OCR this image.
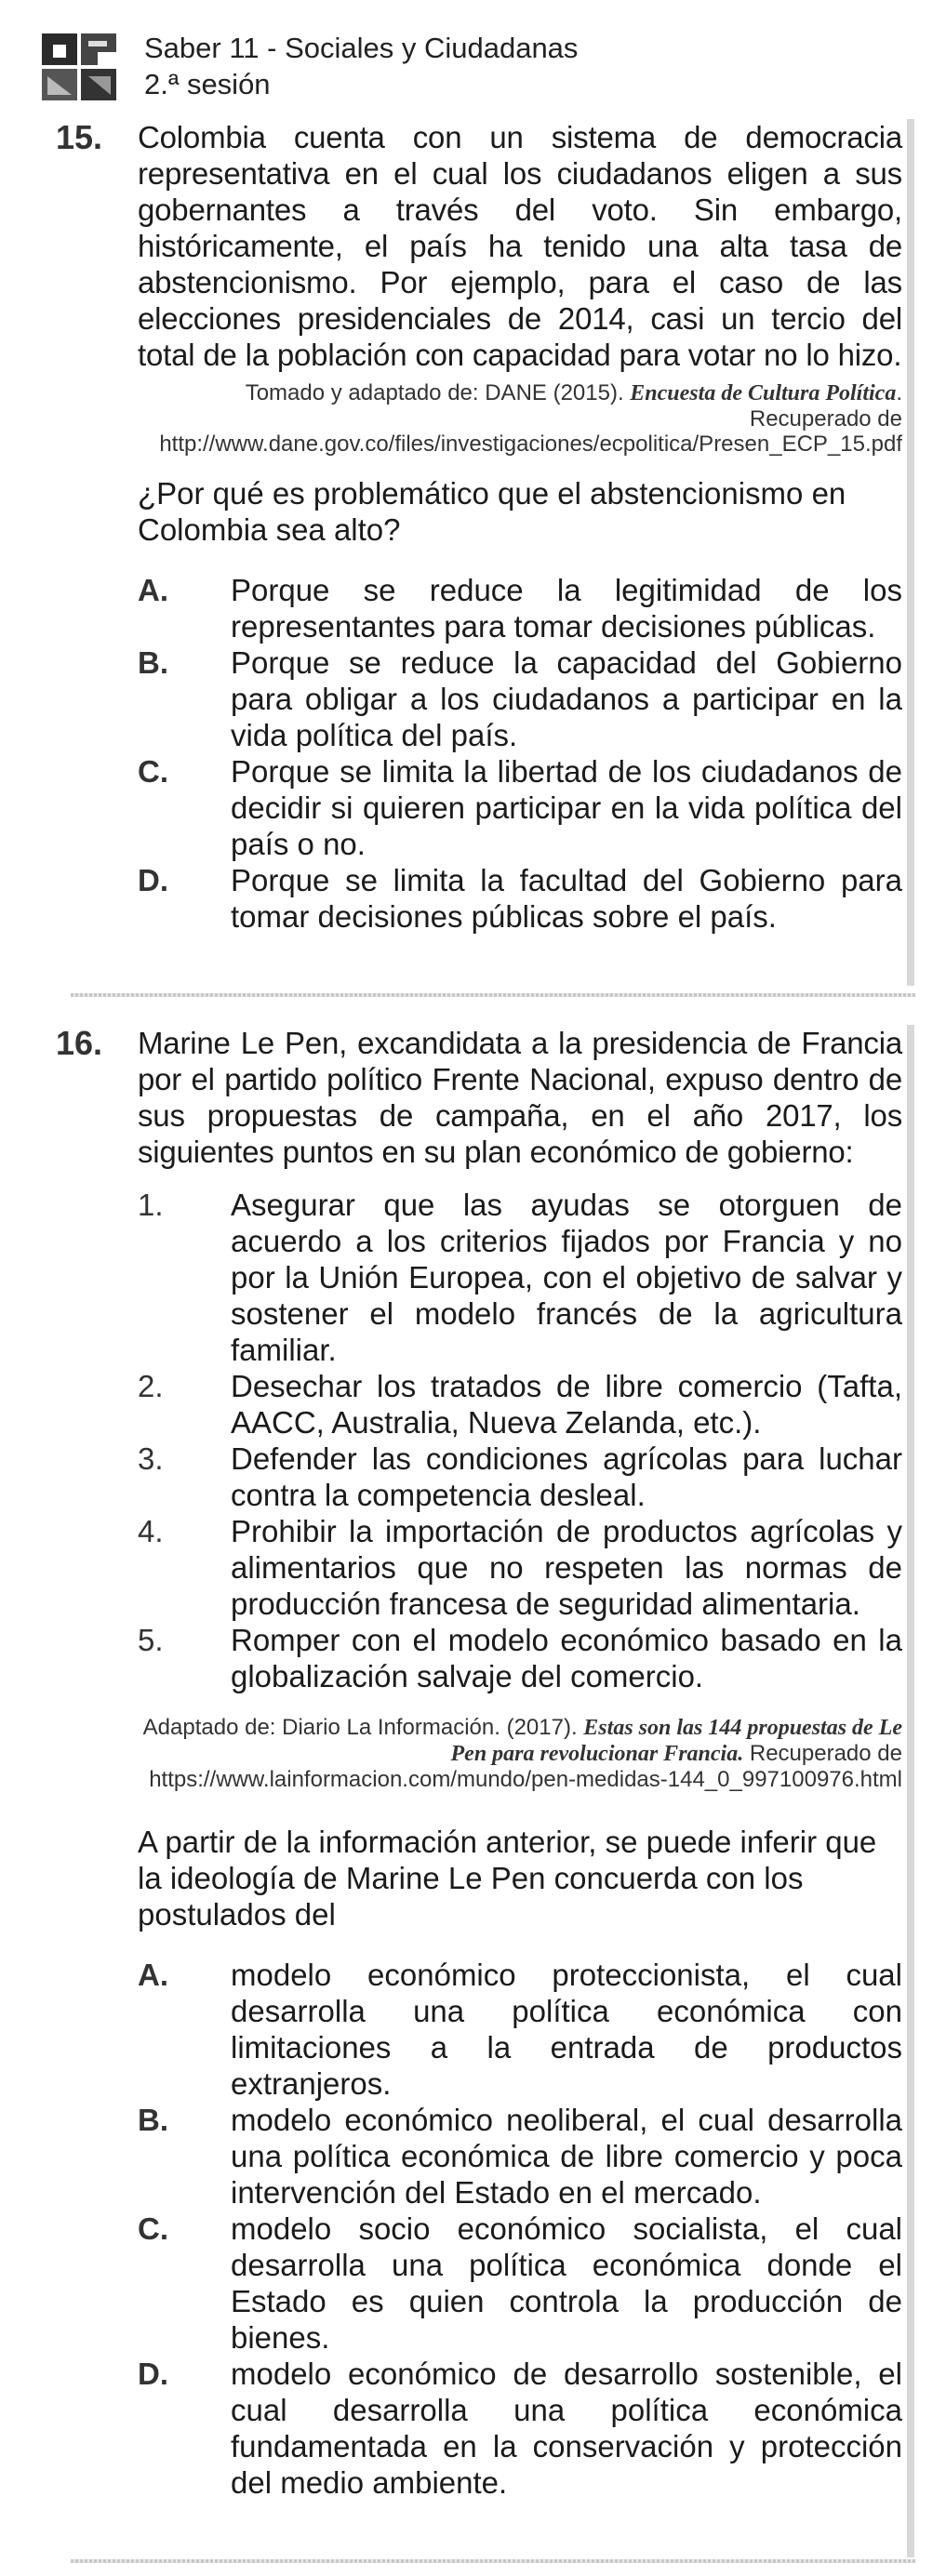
Saber 11 - Sociales y Ciudadanas
2.ª sesión
15. Colombia cuenta con un sistema de democracia representativa en el cual los ciudadanos eligen a sus gobernantes a través del voto. Sin embargo, históricamente, el país ha tenido una alta tasa de abstencionismo. Por ejemplo, para el caso de las elecciones presidenciales de 2014, casi un tercio del total de la población con capacidad para votar no lo hizo.
Tomado y adaptado de: DANE (2015). Encuesta de Cultura Política. Recuperado de http://www.dane.gov.co/files/investigaciones/ecpolitica/Presen_ECP_15.pdf
¿Por qué es problemático que el abstencionismo en Colombia sea alto?
A.	Porque se reduce la legitimidad de los representantes para tomar decisiones públicas.
B.	Porque se reduce la capacidad del Gobierno para obligar a los ciudadanos a participar en la vida política del país.
C.	Porque se limita la libertad de los ciudadanos de decidir si quieren participar en la vida política del país o no.
D.	Porque se limita la facultad del Gobierno para tomar decisiones públicas sobre el país.
16. Marine Le Pen, excandidata a la presidencia de Francia por el partido político Frente Nacional, expuso dentro de sus propuestas de campaña, en el año 2017, los siguientes puntos en su plan económico de gobierno:
1.	Asegurar que las ayudas se otorguen de acuerdo a los criterios fijados por Francia y no por la Unión Europea, con el objetivo de salvar y sostener el modelo francés de la agricultura familiar.
2.	Desechar los tratados de libre comercio (Tafta, AACC, Australia, Nueva Zelanda, etc.).
3.	Defender las condiciones agrícolas para luchar contra la competencia desleal.
4.	Prohibir la importación de productos agrícolas y alimentarios que no respeten las normas de producción francesa de seguridad alimentaria.
5.	Romper con el modelo económico basado en la globalización salvaje del comercio.
Adaptado de: Diario La Información. (2017). Estas son las 144 propuestas de Le Pen para revolucionar Francia. Recuperado de https://www.lainformacion.com/mundo/pen-medidas-144_0_997100976.html
A partir de la información anterior, se puede inferir que la ideología de Marine Le Pen concuerda con los postulados del
A.	modelo económico proteccionista, el cual desarrolla una política económica con limitaciones a la entrada de productos extranjeros.
B.	modelo económico neoliberal, el cual desarrolla una política económica de libre comercio y poca intervención del Estado en el mercado.
C.	modelo socio económico socialista, el cual desarrolla una política económica donde el Estado es quien controla la producción de bienes.
D.	modelo económico de desarrollo sostenible, el cual desarrolla una política económica fundamentada en la conservación y protección del medio ambiente.
